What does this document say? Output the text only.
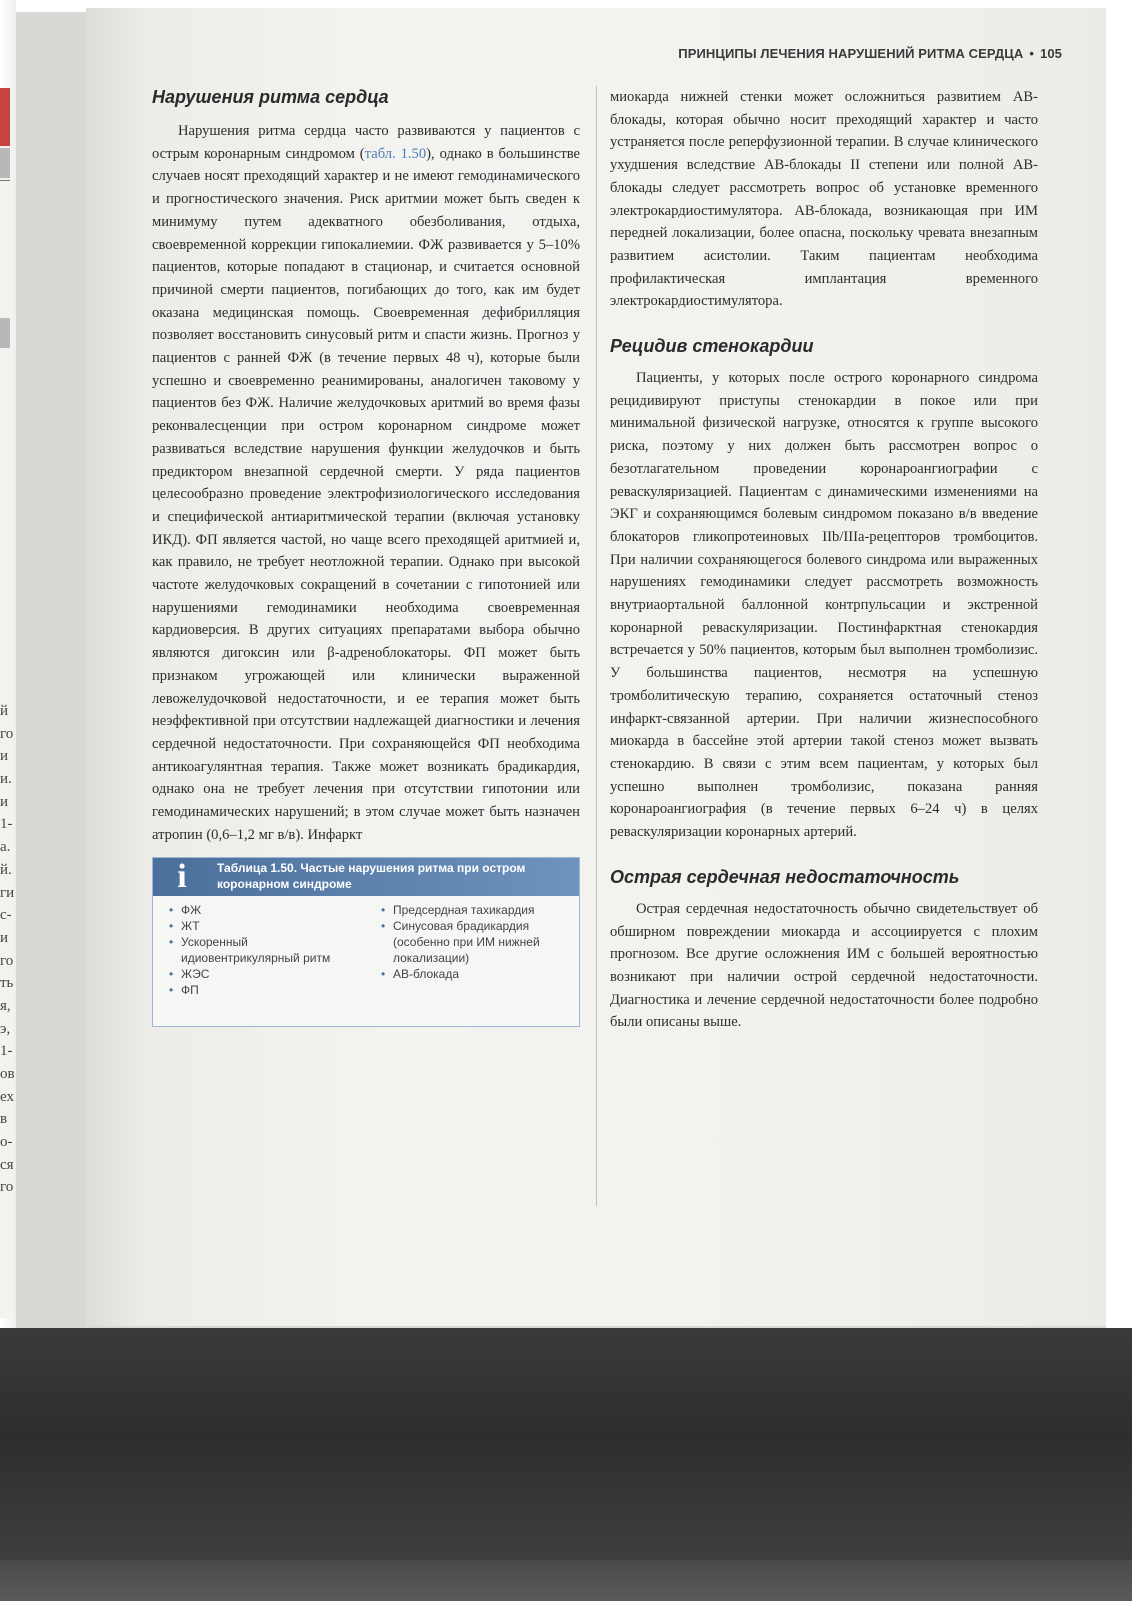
й
го
и
и.
и
1-
а.
й.
ги
с-
и
го
ть
я,
э,
1-
ов
ех
в
о-
ся
го
ПРИНЦИПЫ ЛЕЧЕНИЯ НАРУШЕНИЙ РИТМА СЕРДЦА • 105
Нарушения ритма сердца

Нарушения ритма сердца часто развиваются у пациентов с острым коронарным синдромом (табл. 1.50), однако в большинстве случаев носят преходящий характер и не имеют гемодинамического и прогностического значения. Риск аритмии может быть сведен к минимуму путем адекватного обезболивания, отдыха, своевременной коррекции гипокалиемии. ФЖ развивается у 5–10% пациентов, которые попадают в стационар, и считается основной причиной смерти пациентов, погибающих до того, как им будет оказана медицинская помощь. Своевременная дефибрилляция позволяет восстановить синусовый ритм и спасти жизнь. Прогноз у пациентов с ранней ФЖ (в течение первых 48 ч), которые были успешно и своевременно реанимированы, аналогичен таковому у пациентов без ФЖ. Наличие желудочковых аритмий во время фазы реконвалесценции при остром коронарном синдроме может развиваться вследствие нарушения функции желудочков и быть предиктором внезапной сердечной смерти. У ряда пациентов целесообразно проведение электрофизиологического исследования и специфической антиаритмической терапии (включая установку ИКД). ФП является частой, но чаще всего преходящей аритмией и, как правило, не требует неотложной терапии. Однако при высокой частоте желудочковых сокращений в сочетании с гипотонией или нарушениями гемодинамики необходима своевременная кардиоверсия. В других ситуациях препаратами выбора обычно являются дигоксин или β-адреноблокаторы. ФП может быть признаком угрожающей или клинически выраженной левожелудочковой недостаточности, и ее терапия может быть неэффективной при отсутствии надлежащей диагностики и лечения сердечной недостаточности. При сохраняющейся ФП необходима антикоагулянтная терапия. Также может возникать брадикардия, однако она не требует лечения при отсутствии гипотонии или гемодинамических нарушений; в этом случае может быть назначен атропин (0,6–1,2 мг в/в). Инфаркт

i	Таблица 1.50. Частые нарушения ритма при остром коронарном синдроме
• ФЖ
• ЖТ
• Ускоренный идиовентрикулярный ритм
• ЖЭС
• ФП
• Предсердная тахикардия
• Синусовая брадикардия (особенно при ИМ нижней локализации)
• АВ-блокада

миокарда нижней стенки может осложниться развитием АВ-блокады, которая обычно носит преходящий характер и часто устраняется после реперфузионной терапии. В случае клинического ухудшения вследствие АВ-блокады II степени или полной АВ-блокады следует рассмотреть вопрос об установке временного электрокардиостимулятора. АВ-блокада, возникающая при ИМ передней локализации, более опасна, поскольку чревата внезапным развитием асистолии. Таким пациентам необходима профилактическая имплантация временного электрокардиостимулятора.

Рецидив стенокардии

Пациенты, у которых после острого коронарного синдрома рецидивируют приступы стенокардии в покое или при минимальной физической нагрузке, относятся к группе высокого риска, поэтому у них должен быть рассмотрен вопрос о безотлагательном проведении коронароангиографии с реваскуляризацией. Пациентам с динамическими изменениями на ЭКГ и сохраняющимся болевым синдромом показано в/в введение блокаторов гликопротеиновых IIb/IIIa-рецепторов тромбоцитов. При наличии сохраняющегося болевого синдрома или выраженных нарушениях гемодинамики следует рассмотреть возможность внутриаортальной баллонной контрпульсации и экстренной коронарной реваскуляризации. Постинфарктная стенокардия встречается у 50% пациентов, которым был выполнен тромболизис. У большинства пациентов, несмотря на успешную тромболитическую терапию, сохраняется остаточный стеноз инфаркт-связанной артерии. При наличии жизнеспособного миокарда в бассейне этой артерии такой стеноз может вызвать стенокардию. В связи с этим всем пациентам, у которых был успешно выполнен тромболизис, показана ранняя коронароангиография (в течение первых 6–24 ч) в целях реваскуляризации коронарных артерий.

Острая сердечная недостаточность

Острая сердечная недостаточность обычно свидетельствует об обширном повреждении миокарда и ассоциируется с плохим прогнозом. Все другие осложнения ИМ с большей вероятностью возникают при наличии острой сердечной недостаточности. Диагностика и лечение сердечной недостаточности более подробно были описаны выше.
